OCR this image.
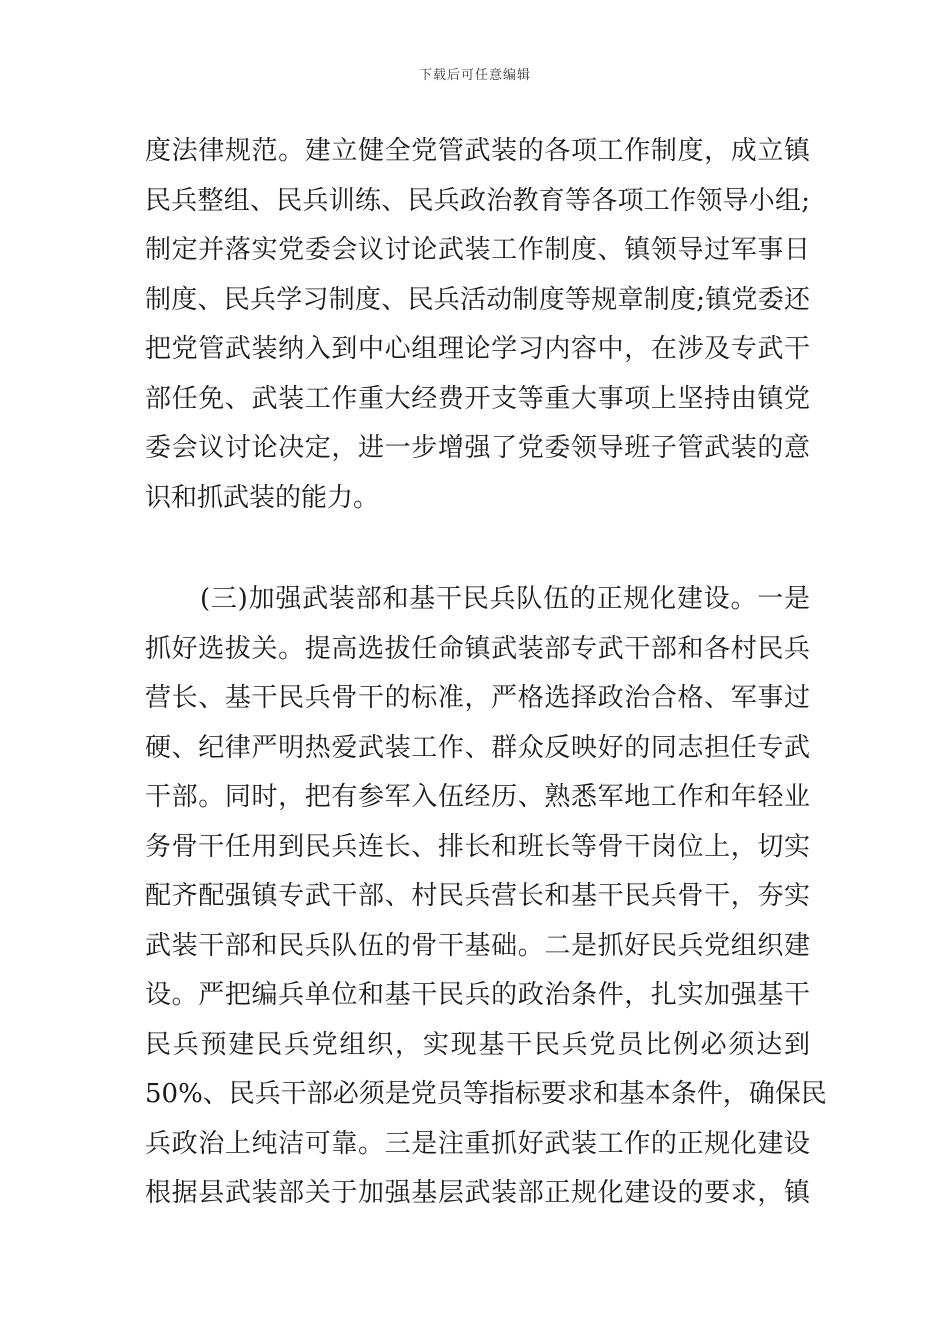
下载后可任意编辑
度法律规范。建立健全党管武装的各项工作制度，成立镇
民兵整组、民兵训练、民兵政治教育等各项工作领导小组;
制定并落实党委会议讨论武装工作制度、镇领导过军事日
制度、民兵学习制度、民兵活动制度等规章制度;镇党委还
把党管武装纳入到中心组理论学习内容中，在涉及专武干
部任免、武装工作重大经费开支等重大事项上坚持由镇党
委会议讨论决定，进一步增强了党委领导班子管武装的意
识和抓武装的能力。
(三)加强武装部和基干民兵队伍的正规化建设。一是
抓好选拔关。提高选拔任命镇武装部专武干部和各村民兵
营长、基干民兵骨干的标准，严格选择政治合格、军事过
硬、纪律严明热爱武装工作、群众反映好的同志担任专武
干部。同时，把有参军入伍经历、熟悉军地工作和年轻业
务骨干任用到民兵连长、排长和班长等骨干岗位上，切实
配齐配强镇专武干部、村民兵营长和基干民兵骨干，夯实
武装干部和民兵队伍的骨干基础。二是抓好民兵党组织建
设。严把编兵单位和基干民兵的政治条件，扎实加强基干
民兵预建民兵党组织，实现基干民兵党员比例必须达到
50%、民兵干部必须是党员等指标要求和基本条件，确保民
兵政治上纯洁可靠。三是注重抓好武装工作的正规化建设
根据县武装部关于加强基层武装部正规化建设的要求，镇
